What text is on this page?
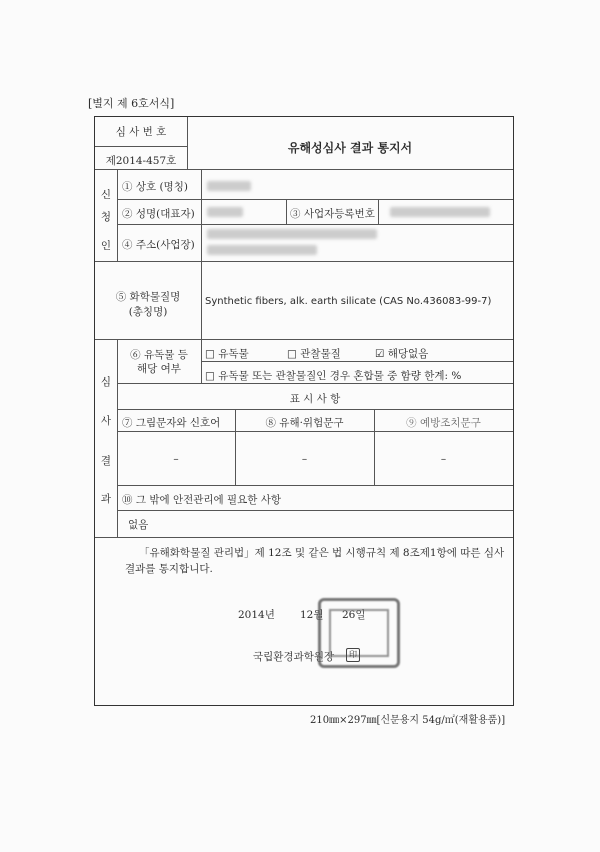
[별지 제 6호서식]
심 사 번 호
제2014-457호
유해성심사 결과 통지서
신
청
인
① 상호 (명칭)
② 성명(대표자)	③ 사업자등록번호
④ 주소(사업장)
⑤ 화학물질명
(총칭명)
Synthetic fibers, alk. earth silicate (CAS No.436083-99-7)
심
사
결
과
⑥ 유독물 등
해당 여부
□ 유독물	□ 관찰물질	☑ 해당없음
□ 유독물 또는 관찰물질인 경우 혼합물 중 함량 한계: %
표 시 사 항
⑦ 그림문자와 신호어	⑧ 유해·위험문구	⑨ 예방조치문구
–	–	–
⑩ 그 밖에 안전관리에 필요한 사항
없음
「유해화학물질 관리법」제 12조 및 같은 법 시행규칙 제 8조제1항에 따른 심사
결과를 통지합니다.
2014년 12월 26일
국립환경과학원장	印
210㎜×297㎜[신문용지 54g/㎡(재활용품)]
